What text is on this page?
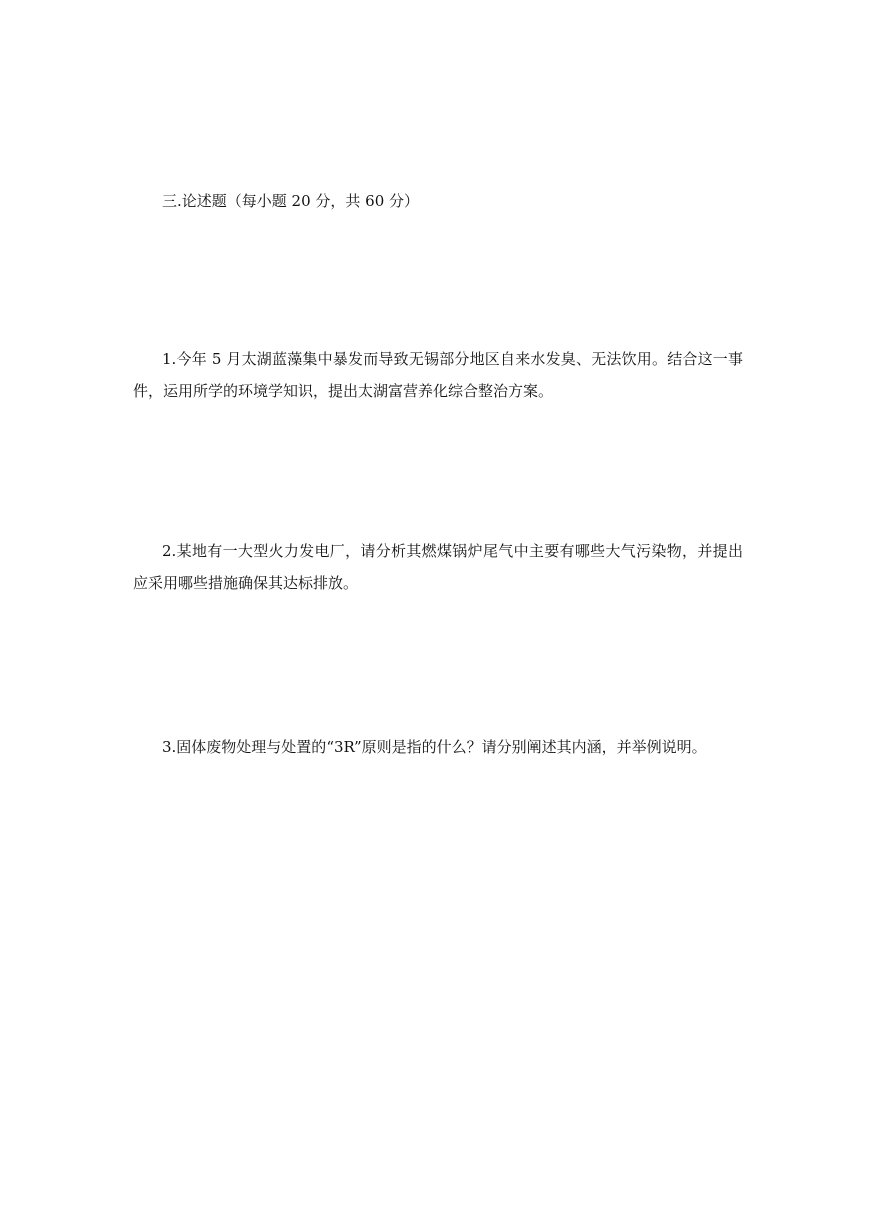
三.论述题（每小题 20 分，共 60 分）
1.今年 5 月太湖蓝藻集中暴发而导致无锡部分地区自来水发臭、无法饮用。结合这一事件，运用所学的环境学知识，提出太湖富营养化综合整治方案。
2.某地有一大型火力发电厂，请分析其燃煤锅炉尾气中主要有哪些大气污染物，并提出应采用哪些措施确保其达标排放。
3.固体废物处理与处置的“3R”原则是指的什么？请分别阐述其内涵，并举例说明。
